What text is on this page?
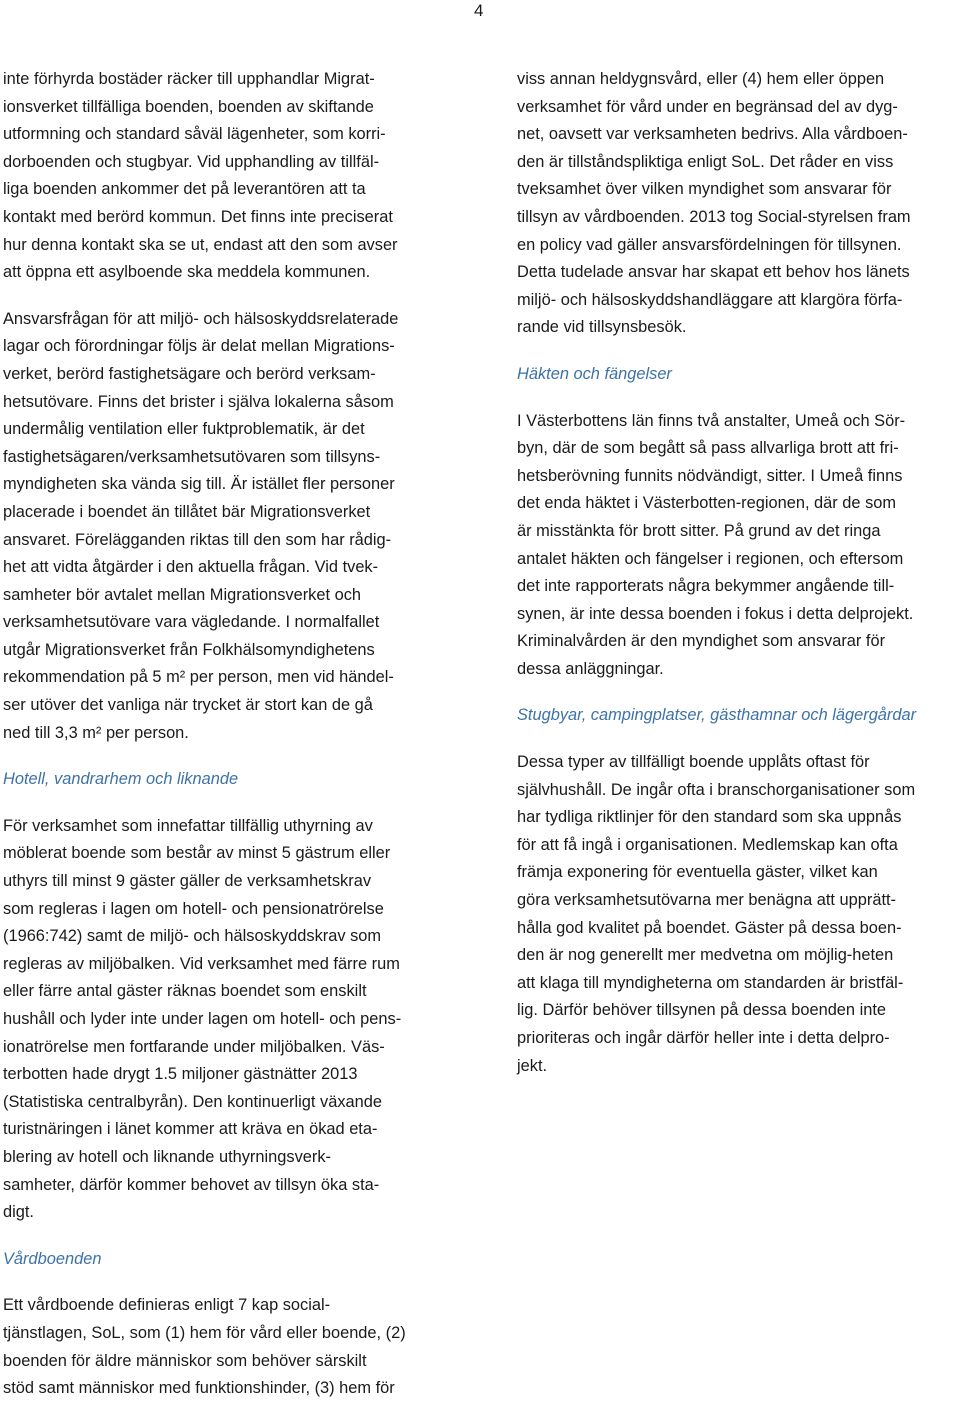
4
inte förhyrda bostäder räcker till upphandlar Migrat-
ionsverket tillfälliga boenden, boenden av skiftande
utformning och standard såväl lägenheter, som korri-
dorboenden och stugbyar. Vid upphandling av tillfäl-
liga boenden ankommer det på leverantören att ta
kontakt med berörd kommun. Det finns inte preciserat
hur denna kontakt ska se ut, endast att den som avser
att öppna ett asylboende ska meddela kommunen.
Ansvarsfrågan för att miljö- och hälsoskyddsrelaterade
lagar och förordningar följs är delat mellan Migrations-
verket, berörd fastighetsägare och berörd verksam-
hetsutövare. Finns det brister i själva lokalerna såsom
undermålig ventilation eller fuktproblematik, är det
fastighetsägaren/verksamhetsutövaren som tillsyns-
myndigheten ska vända sig till. Är istället fler personer
placerade i boendet än tillåtet bär Migrationsverket
ansvaret. Förelägganden riktas till den som har rådig-
het att vidta åtgärder i den aktuella frågan. Vid tvek-
samheter bör avtalet mellan Migrationsverket och
verksamhetsutövare vara vägledande. I normalfallet
utgår Migrationsverket från Folkhälsomyndighetens
rekommendation på 5 m² per person, men vid händel-
ser utöver det vanliga när trycket är stort kan de gå
ned till 3,3 m² per person.
Hotell, vandrarhem och liknande
För verksamhet som innefattar tillfällig uthyrning av
möblerat boende som består av minst 5 gästrum eller
uthyrs till minst 9 gäster gäller de verksamhetskrav
som regleras i lagen om hotell- och pensionatrörelse
(1966:742) samt de miljö- och hälsoskyddskrav som
regleras av miljöbalken. Vid verksamhet med färre rum
eller färre antal gäster räknas boendet som enskilt
hushåll och lyder inte under lagen om hotell- och pens-
ionatrörelse men fortfarande under miljöbalken. Väs-
terbotten hade drygt 1.5 miljoner gästnätter 2013
(Statistiska centralbyrån). Den kontinuerligt växande
turistnäringen i länet kommer att kräva en ökad eta-
blering av hotell och liknande uthyrningsverk-
samheter, därför kommer behovet av tillsyn öka sta-
digt.
Vårdboenden
Ett vårdboende definieras enligt 7 kap social-
tjänstlagen, SoL, som (1) hem för vård eller boende, (2)
boenden för äldre människor som behöver särskilt
stöd samt människor med funktionshinder, (3) hem för
viss annan heldygnsvård, eller (4) hem eller öppen
verksamhet för vård under en begränsad del av dyg-
net, oavsett var verksamheten bedrivs. Alla vårdboen-
den är tillståndspliktiga enligt SoL. Det råder en viss
tveksamhet över vilken myndighet som ansvarar för
tillsyn av vårdboenden. 2013 tog Social-styrelsen fram
en policy vad gäller ansvarsfördelningen för tillsynen.
Detta tudelade ansvar har skapat ett behov hos länets
miljö- och hälsoskyddshandläggare att klargöra förfa-
rande vid tillsynsbesök.
Häkten och fängelser
I Västerbottens län finns två anstalter, Umeå och Sör-
byn, där de som begått så pass allvarliga brott att fri-
hetsberövning funnits nödvändigt, sitter. I Umeå finns
det enda häktet i Västerbotten-regionen, där de som
är misstänkta för brott sitter. På grund av det ringa
antalet häkten och fängelser i regionen, och eftersom
det inte rapporterats några bekymmer angående till-
synen, är inte dessa boenden i fokus i detta delprojekt.
Kriminalvården är den myndighet som ansvarar för
dessa anläggningar.
Stugbyar, campingplatser, gästhamnar och lägergårdar
Dessa typer av tillfälligt boende upplåts oftast för
självhushåll. De ingår ofta i branschorganisationer som
har tydliga riktlinjer för den standard som ska uppnås
för att få ingå i organisationen. Medlemskap kan ofta
främja exponering för eventuella gäster, vilket kan
göra verksamhetsutövarna mer benägna att upprätt-
hålla god kvalitet på boendet. Gäster på dessa boen-
den är nog generellt mer medvetna om möjlig-heten
att klaga till myndigheterna om standarden är bristfäl-
lig. Därför behöver tillsynen på dessa boenden inte
prioriteras och ingår därför heller inte i detta delpro-
jekt.
